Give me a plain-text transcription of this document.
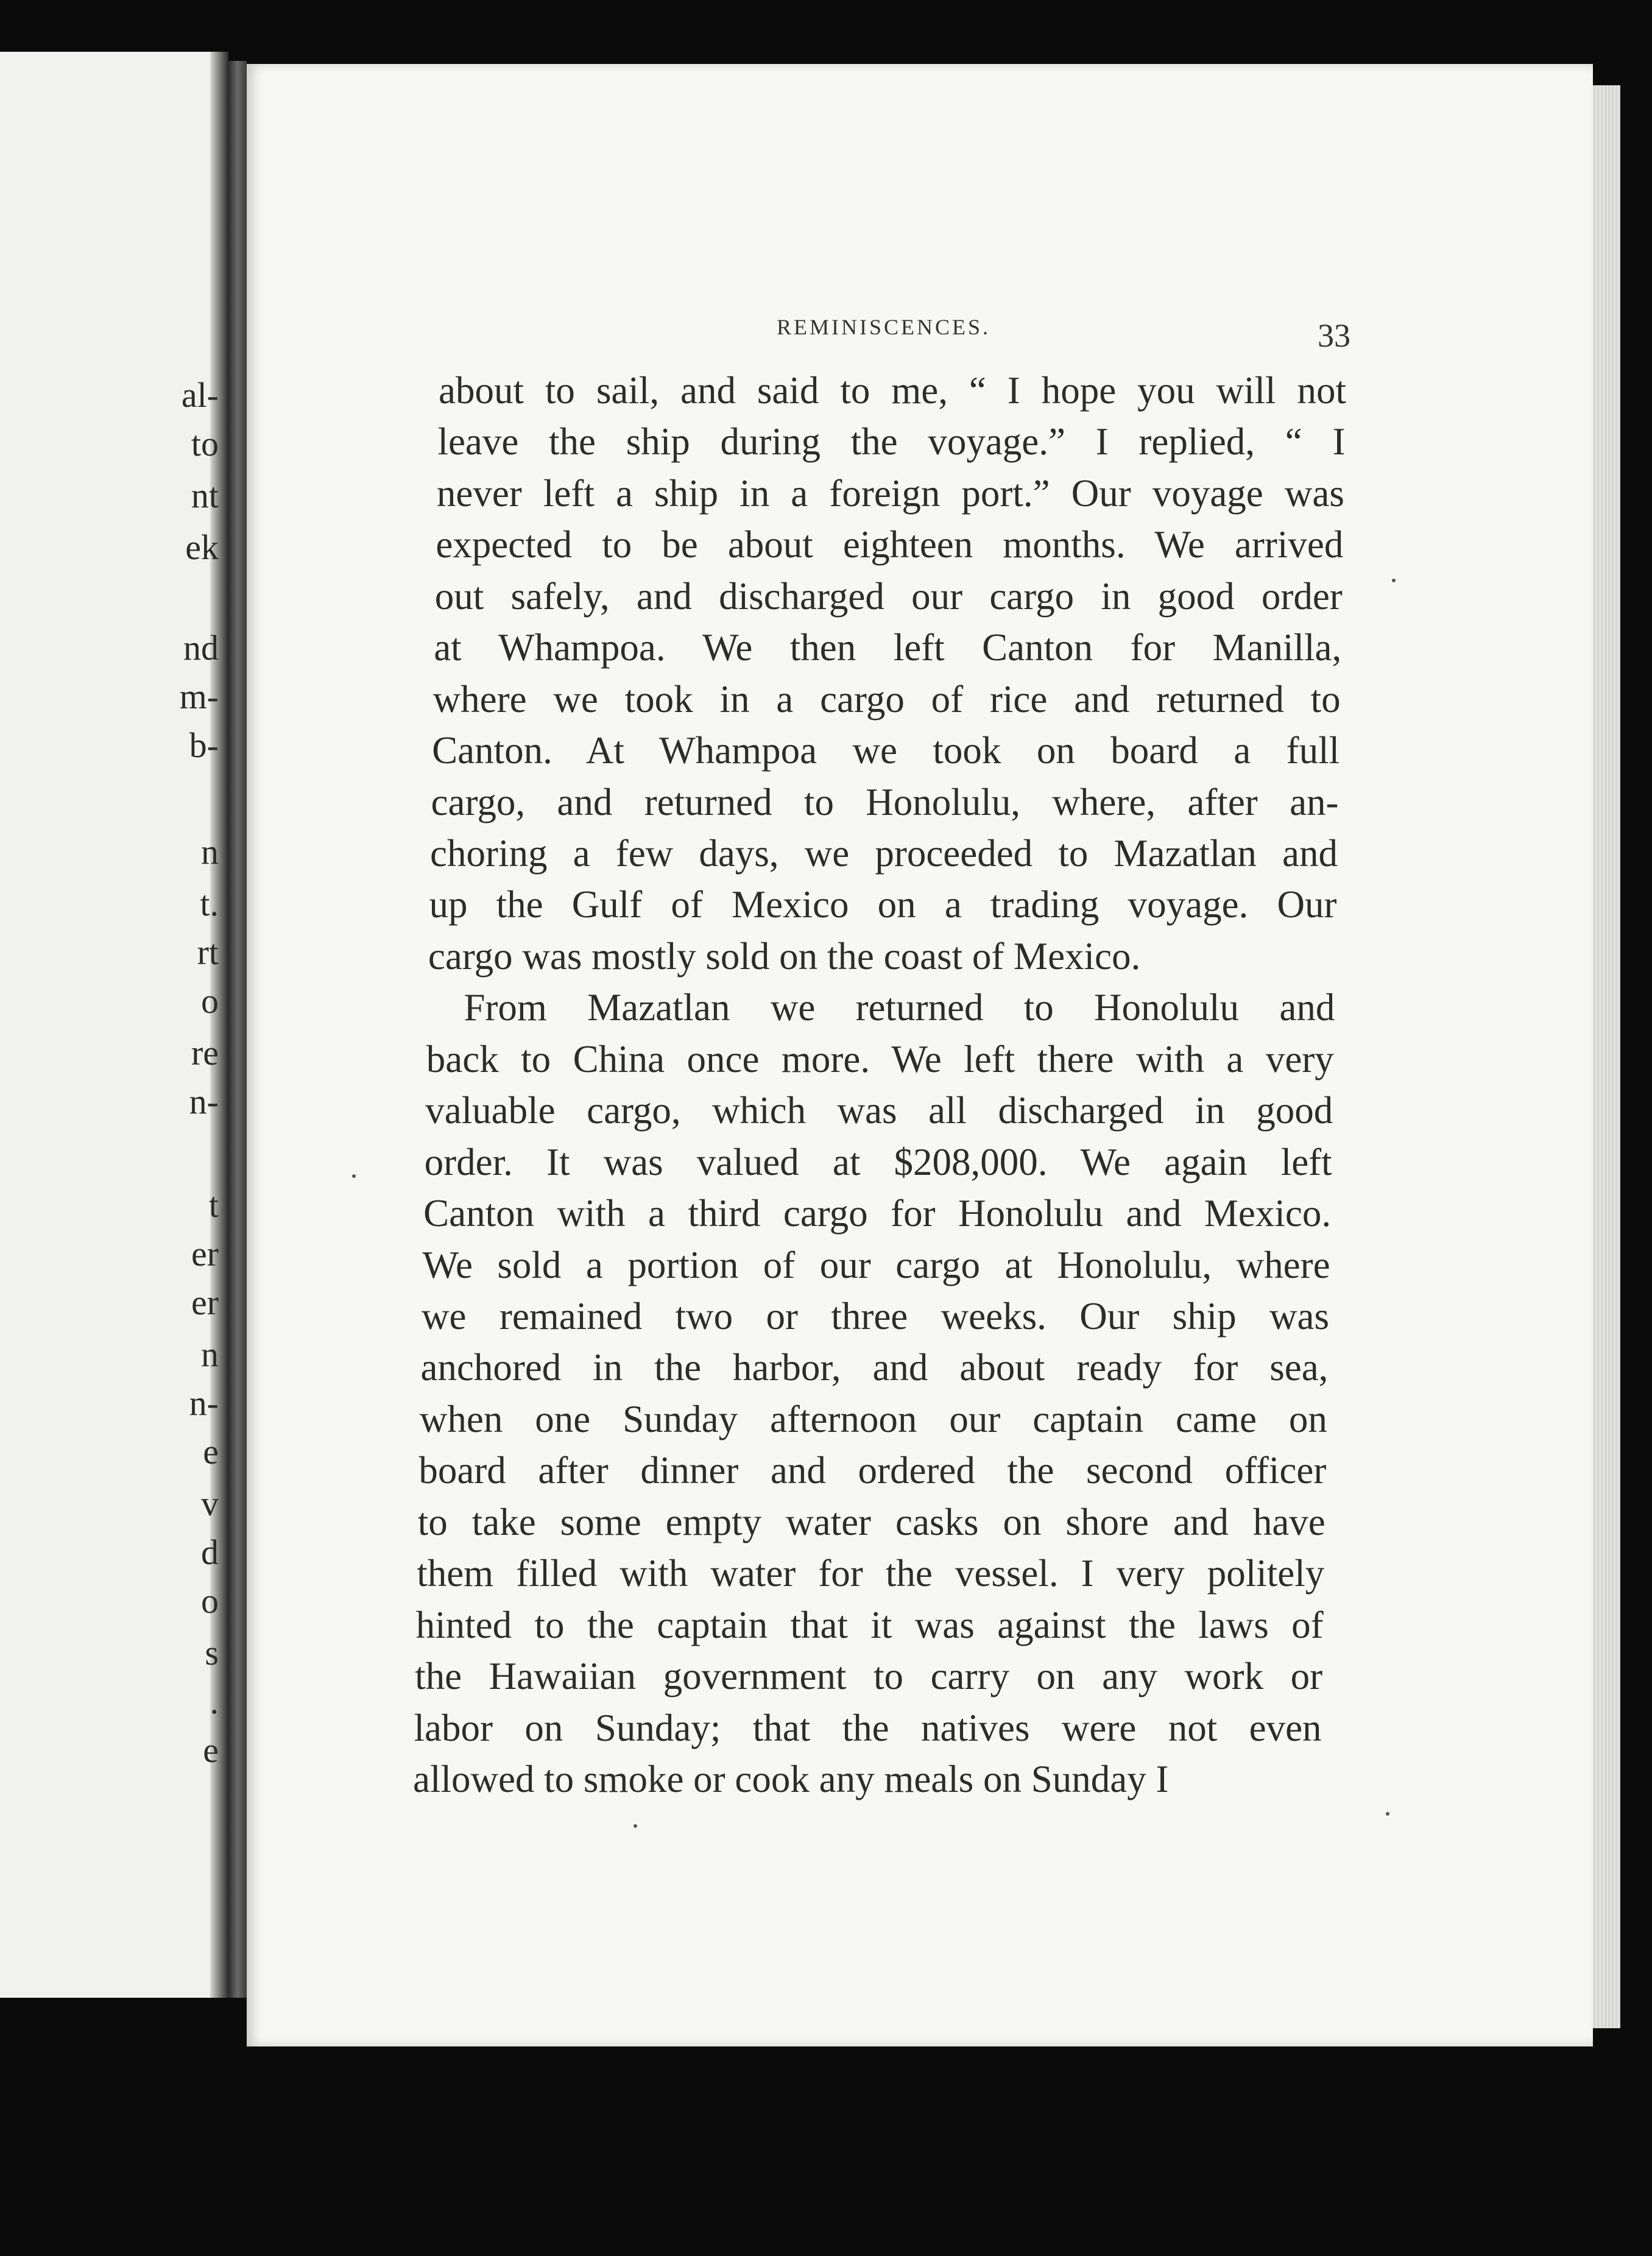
al-
to
nt
ek
nd
m-
b-
n
t.
rt
o
re
n-
t
er
er
n
n-
e
v
d
o
s
.
e
REMINISCENCES.	33
about to sail, and said to me, “ I hope you will not
leave the ship during the voyage.” I replied, “ I
never left a ship in a foreign port.” Our voyage was
expected to be about eighteen months. We arrived
out safely, and discharged our cargo in good order
at Whampoa. We then left Canton for Manilla,
where we took in a cargo of rice and returned to
Canton. At Whampoa we took on board a full
cargo, and returned to Honolulu, where, after an-
choring a few days, we proceeded to Mazatlan and
up the Gulf of Mexico on a trading voyage. Our
cargo was mostly sold on the coast of Mexico.
From Mazatlan we returned to Honolulu and
back to China once more. We left there with a very
valuable cargo, which was all discharged in good
order. It was valued at $208,000. We again left
Canton with a third cargo for Honolulu and Mexico.
We sold a portion of our cargo at Honolulu, where
we remained two or three weeks. Our ship was
anchored in the harbor, and about ready for sea,
when one Sunday afternoon our captain came on
board after dinner and ordered the second officer
to take some empty water casks on shore and have
them filled with water for the vessel. I very politely
hinted to the captain that it was against the laws of
the Hawaiian government to carry on any work or
labor on Sunday; that the natives were not even
allowed to smoke or cook any meals on Sunday I
